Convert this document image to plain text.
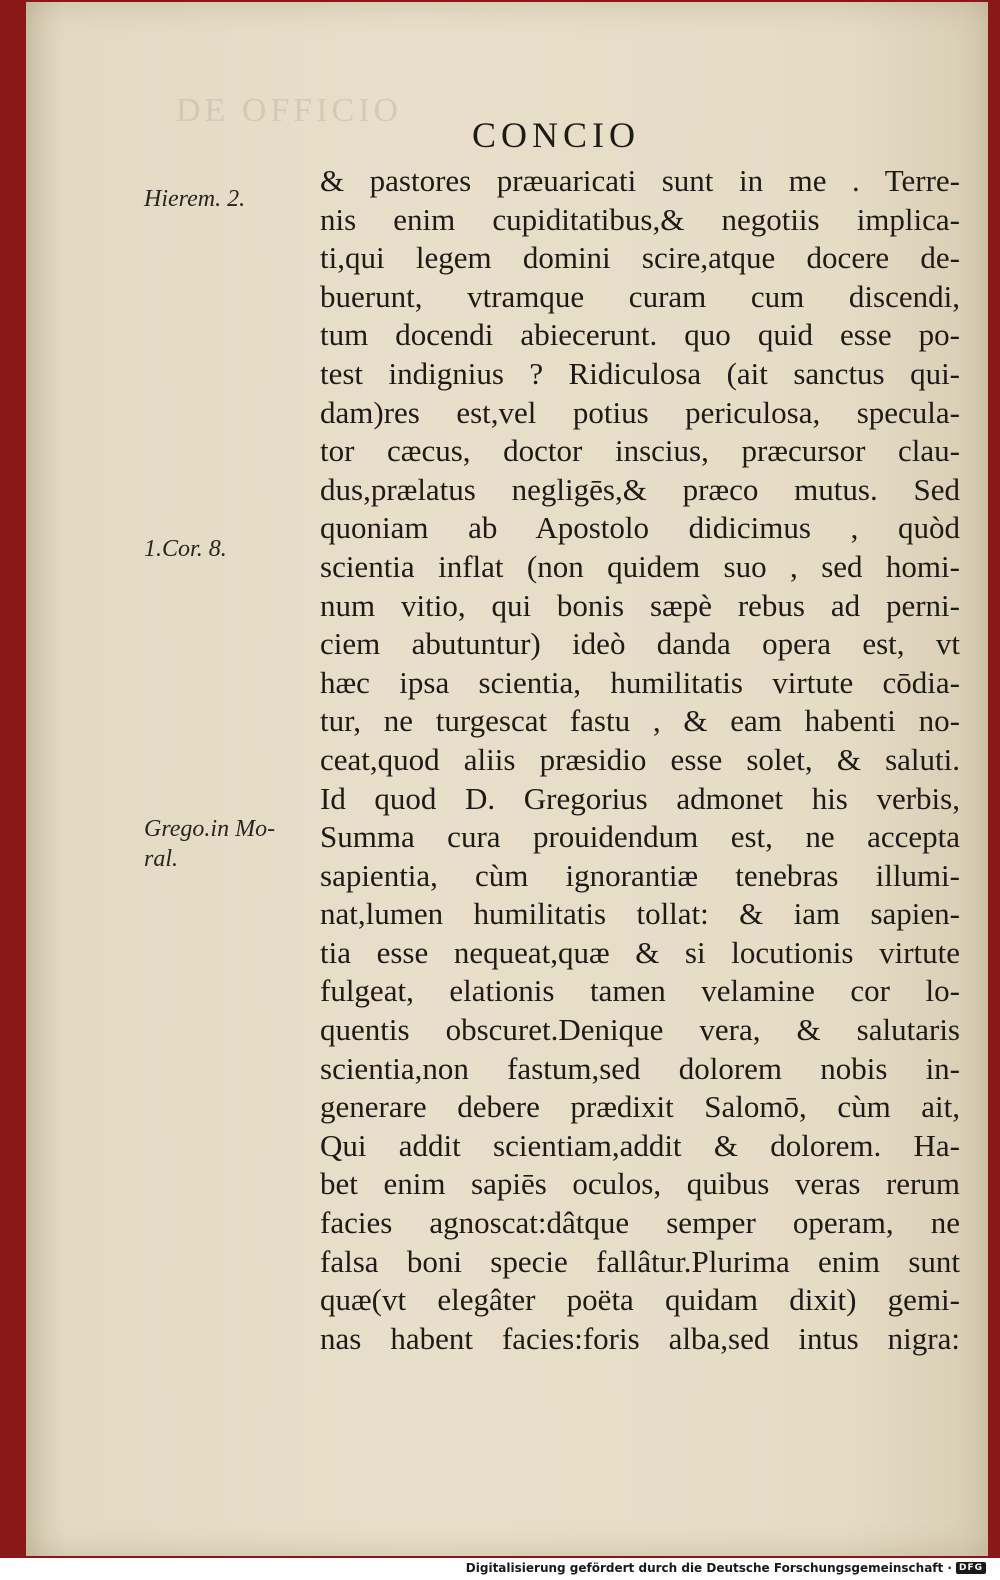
DE OFFICIO
CONCIO
Hierem. 2.
1.Cor. 8.
Grego.in Mo-
ral.
& pastores præuaricati sunt in me . Terre-
nis enim cupiditatibus,& negotiis implica-
ti,qui legem domini scire,atque docere de-
buerunt, vtramque curam cum discendi,
tum docendi abiecerunt. quo quid esse po-
test indignius ? Ridiculosa (ait sanctus qui-
dam)res est,vel potius periculosa, specula-
tor cæcus, doctor inscius, præcursor clau-
dus,prælatus negligēs,& præco mutus. Sed
quoniam ab Apostolo didicimus , quòd
scientia inflat (non quidem suo , sed homi-
num vitio, qui bonis sæpè rebus ad perni-
ciem abutuntur) ideò danda opera est, vt
hæc ipsa scientia, humilitatis virtute cōdia-
tur, ne turgescat fastu , & eam habenti no-
ceat,quod aliis præsidio esse solet, & saluti.
Id quod D. Gregorius admonet his verbis,
Summa cura prouidendum est, ne accepta
sapientia, cùm ignorantiæ tenebras illumi-
nat,lumen humilitatis tollat: & iam sapien-
tia esse nequeat,quæ & si locutionis virtute
fulgeat, elationis tamen velamine cor lo-
quentis obscuret.Denique vera, & salutaris
scientia,non fastum,sed dolorem nobis in-
generare debere prædixit Salomō, cùm ait,
Qui addit scientiam,addit & dolorem. Ha-
bet enim sapiēs oculos, quibus veras rerum
facies agnoscat:dâtque semper operam, ne
falsa boni specie fallâtur.Plurima enim sunt
quæ(vt elegâter poëta quidam dixit) gemi-
nas habent facies:foris alba,sed intus nigra:
Digitalisierung gefördert durch die Deutsche Forschungsgemeinschaft · DFG
